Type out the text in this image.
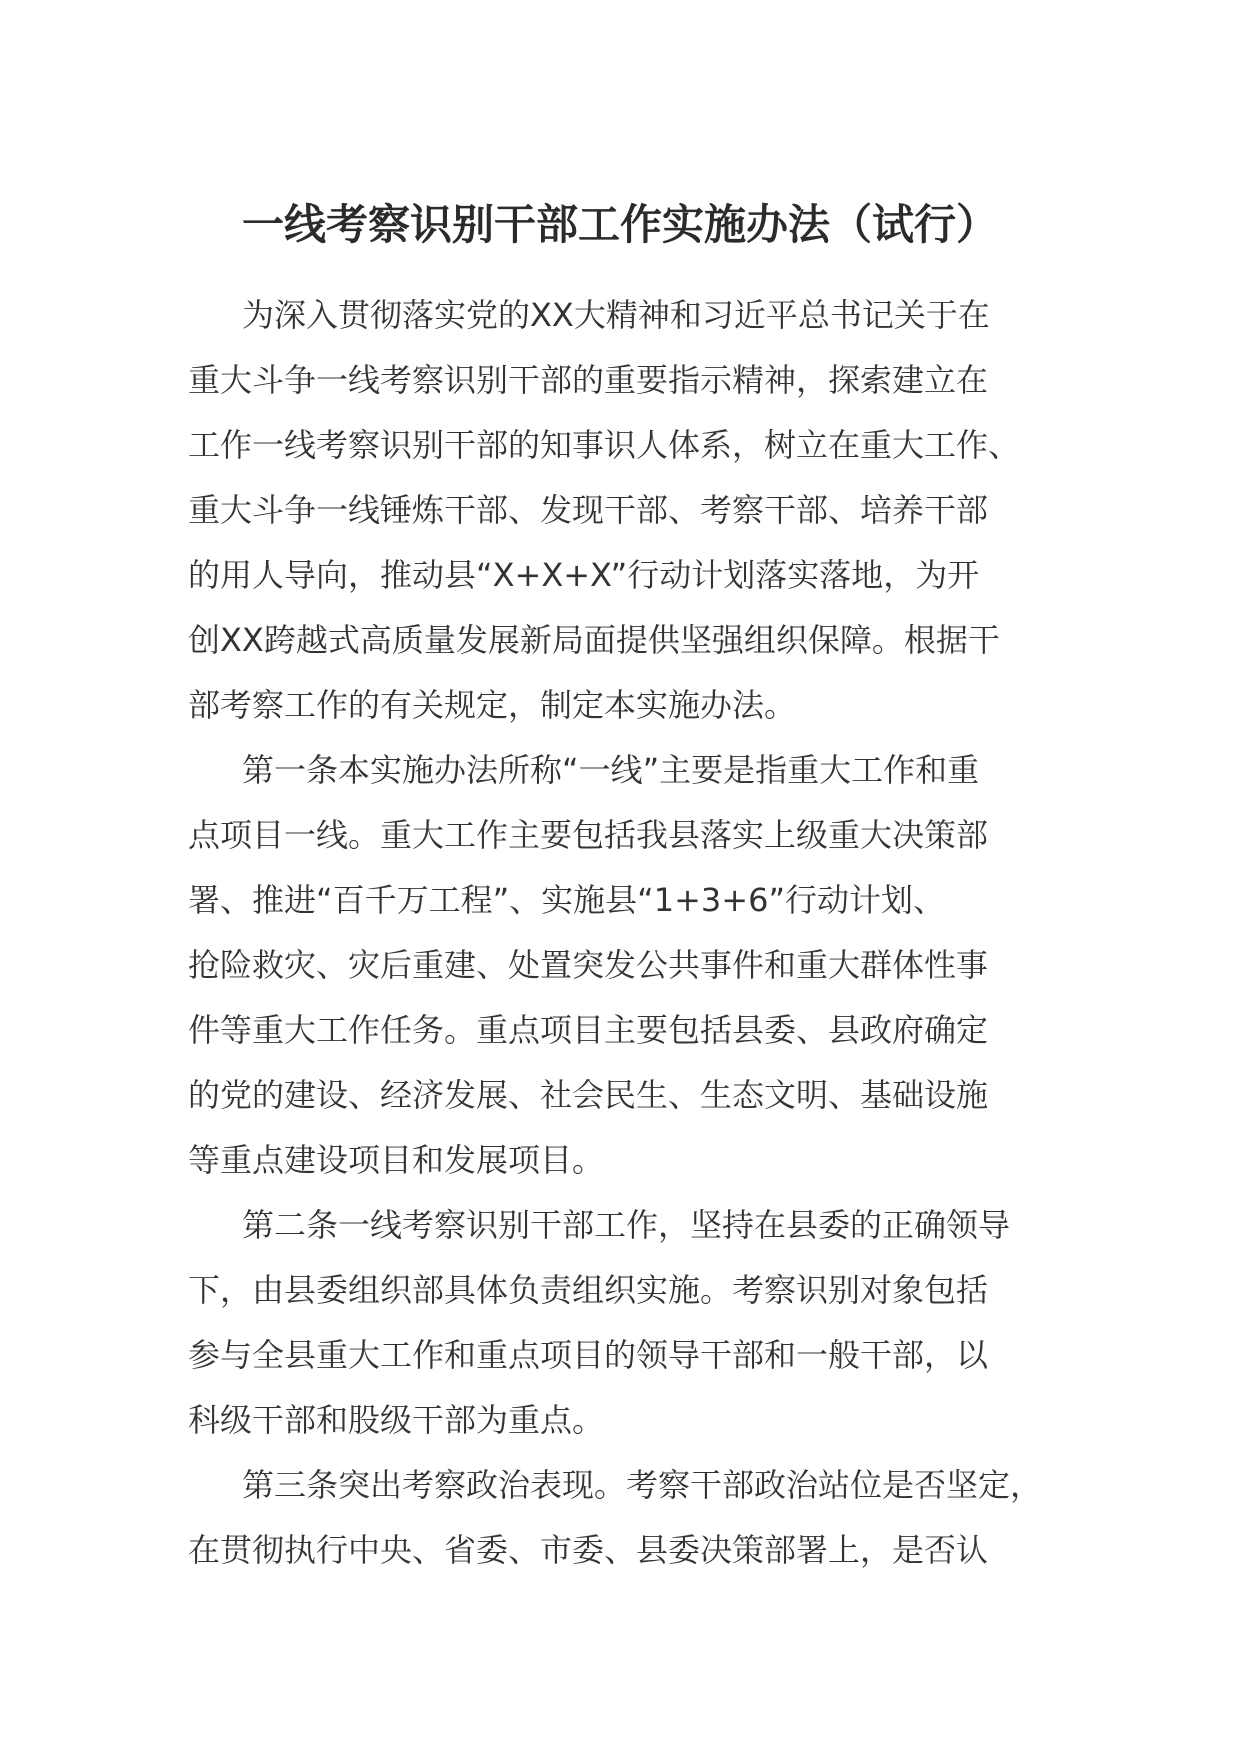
一线考察识别干部工作实施办法（试行）

为深入贯彻落实党的XX大精神和习近平总书记关于在
重大斗争一线考察识别干部的重要指示精神，探索建立在
工作一线考察识别干部的知事识人体系，树立在重大工作、
重大斗争一线锤炼干部、发现干部、考察干部、培养干部
的用人导向，推动县“X+X+X”行动计划落实落地，为开
创XX跨越式高质量发展新局面提供坚强组织保障。根据干
部考察工作的有关规定，制定本实施办法。

第一条本实施办法所称“一线”主要是指重大工作和重
点项目一线。重大工作主要包括我县落实上级重大决策部
署、推进“百千万工程”、实施县“1+3+6”行动计划、
抢险救灾、灾后重建、处置突发公共事件和重大群体性事
件等重大工作任务。重点项目主要包括县委、县政府确定
的党的建设、经济发展、社会民生、生态文明、基础设施
等重点建设项目和发展项目。

第二条一线考察识别干部工作，坚持在县委的正确领导
下，由县委组织部具体负责组织实施。考察识别对象包括
参与全县重大工作和重点项目的领导干部和一般干部，以
科级干部和股级干部为重点。

第三条突出考察政治表现。考察干部政治站位是否坚定，
在贯彻执行中央、省委、市委、县委决策部署上，是否认
